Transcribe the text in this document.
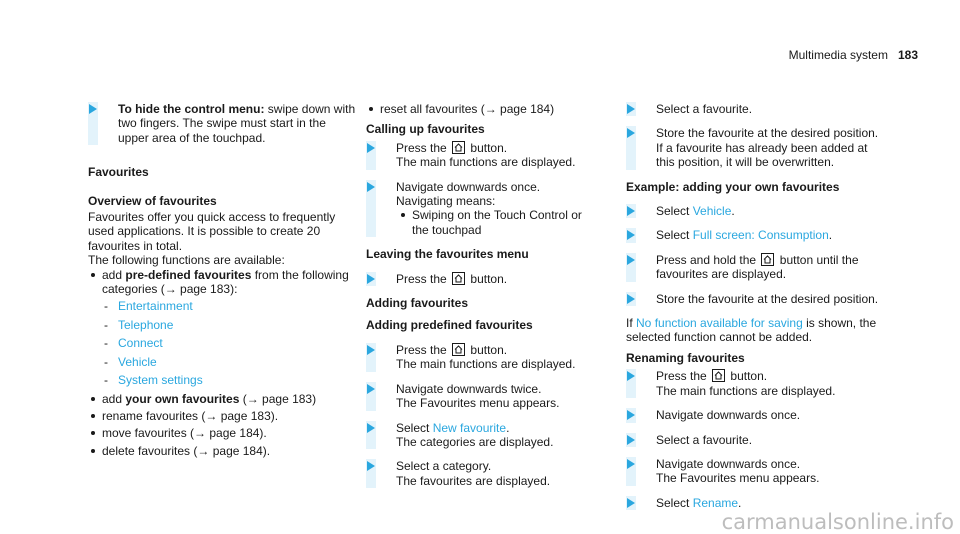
Multimedia system 183
To hide the control menu: swipe down with two fingers. The swipe must start in the upper area of the touchpad.
Favourites
Overview of favourites
Favourites offer you quick access to frequently used applications. It is possible to create 20 favourites in total.
The following functions are available:
add pre-defined favourites from the following categories (→ page 183):
- Entertainment
- Telephone
- Connect
- Vehicle
- System settings
add your own favourites (→ page 183)
rename favourites (→ page 183).
move favourites (→ page 184).
delete favourites (→ page 184).
reset all favourites (→ page 184)
Calling up favourites
Press the button.
The main functions are displayed.
Navigate downwards once.
Navigating means:
Swiping on the Touch Control or the touchpad
Leaving the favourites menu
Press the button.
Adding favourites
Adding predefined favourites
Press the button.
The main functions are displayed.
Navigate downwards twice.
The Favourites menu appears.
Select New favourite.
The categories are displayed.
Select a category.
The favourites are displayed.
Select a favourite.
Store the favourite at the desired position.
If a favourite has already been added at this position, it will be overwritten.
Example: adding your own favourites
Select Vehicle.
Select Full screen: Consumption.
Press and hold the button until the favourites are displayed.
Store the favourite at the desired position.
If No function available for saving is shown, the selected function cannot be added.
Renaming favourites
Press the button.
The main functions are displayed.
Navigate downwards once.
Select a favourite.
Navigate downwards once.
The Favourites menu appears.
Select Rename.
carmanualsonline.info
